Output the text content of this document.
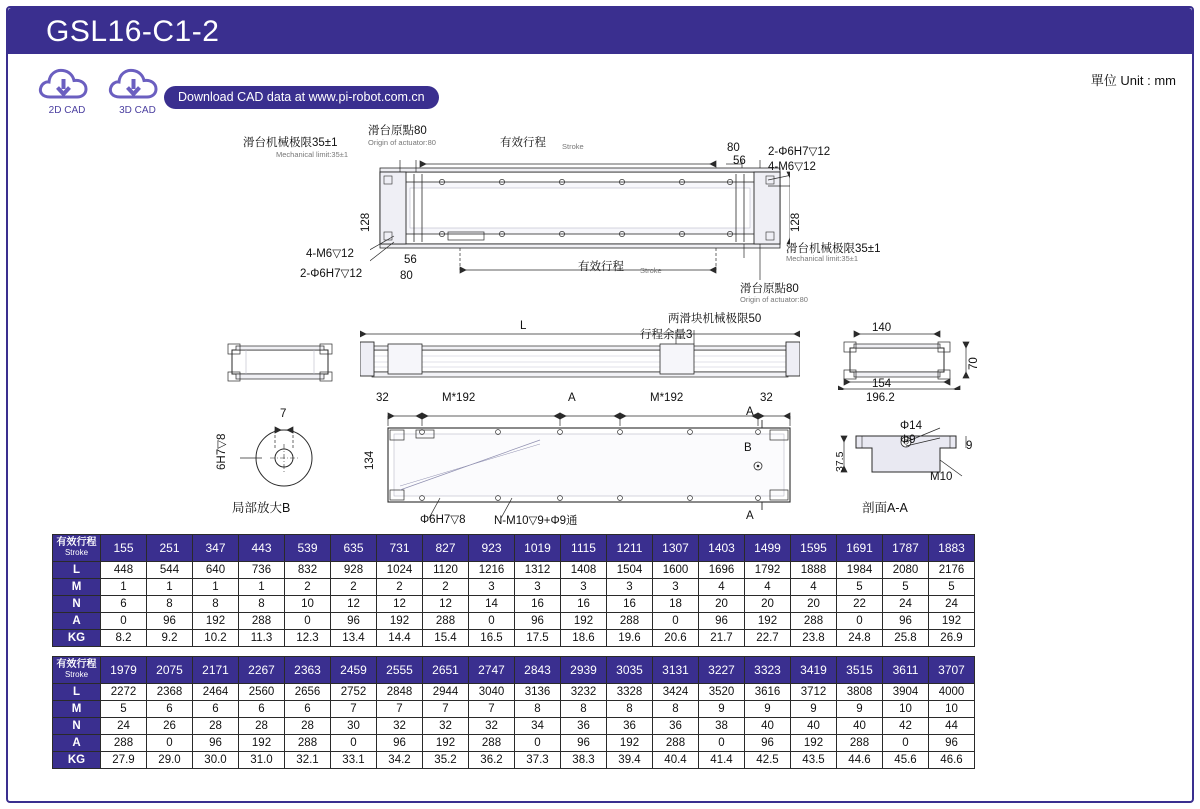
GSL16-C1-2
2D CAD
	3D CAD
Download CAD data at www.pi-robot.com.cn
單位 Unit : mm
滑台机械极限35±1
Mechanical limit:35±1
滑台原點80
Origin of actuator:80	有效行程 Stroke	80
56
2-Φ6H7▽12
4-M6▽12
128	128
4-M6▽12
2-Φ6H7▽12
56
80
有效行程 Stroke
滑台机械极限35±1
Mechanical limit:35±1
滑台原點80
Origin of actuator:80
两滑块机械极限50
行程余量3
L	140
70
154
196.2
7
6H7▽8
局部放大B
32	M*192	A	M*192	32
A
B
A
134
Φ6H7▽8 N-M10▽9+Φ9通
Φ14
Φ9
37.5
9
M10
剖面A-A
有效行程
Stroke	155	251	347	443	539	635	731	827	923	1019	1115	1211	1307	1403	1499	1595	1691	1787	1883
L	448	544	640	736	832	928	1024	1120	1216	1312	1408	1504	1600	1696	1792	1888	1984	2080	2176
M	1	1	1	1	2	2	2	2	3	3	3	3	3	4	4	4	5	5	5
N	6	8	8	8	10	12	12	12	14	16	16	16	18	20	20	20	22	24	24
A	0	96	192	288	0	96	192	288	0	96	192	288	0	96	192	288	0	96	192
KG	8.2	9.2	10.2	11.3	12.3	13.4	14.4	15.4	16.5	17.5	18.6	19.6	20.6	21.7	22.7	23.8	24.8	25.8	26.9
有效行程
Stroke	1979	2075	2171	2267	2363	2459	2555	2651	2747	2843	2939	3035	3131	3227	3323	3419	3515	3611	3707
L	2272	2368	2464	2560	2656	2752	2848	2944	3040	3136	3232	3328	3424	3520	3616	3712	3808	3904	4000
M	5	6	6	6	6	7	7	7	7	8	8	8	8	9	9	9	9	10	10
N	24	26	28	28	28	30	32	32	32	34	36	36	36	38	40	40	40	42	44
A	288	0	96	192	288	0	96	192	288	0	96	192	288	0	96	192	288	0	96
KG	27.9	29.0	30.0	31.0	32.1	33.1	34.2	35.2	36.2	37.3	38.3	39.4	40.4	41.4	42.5	43.5	44.6	45.6	46.6
